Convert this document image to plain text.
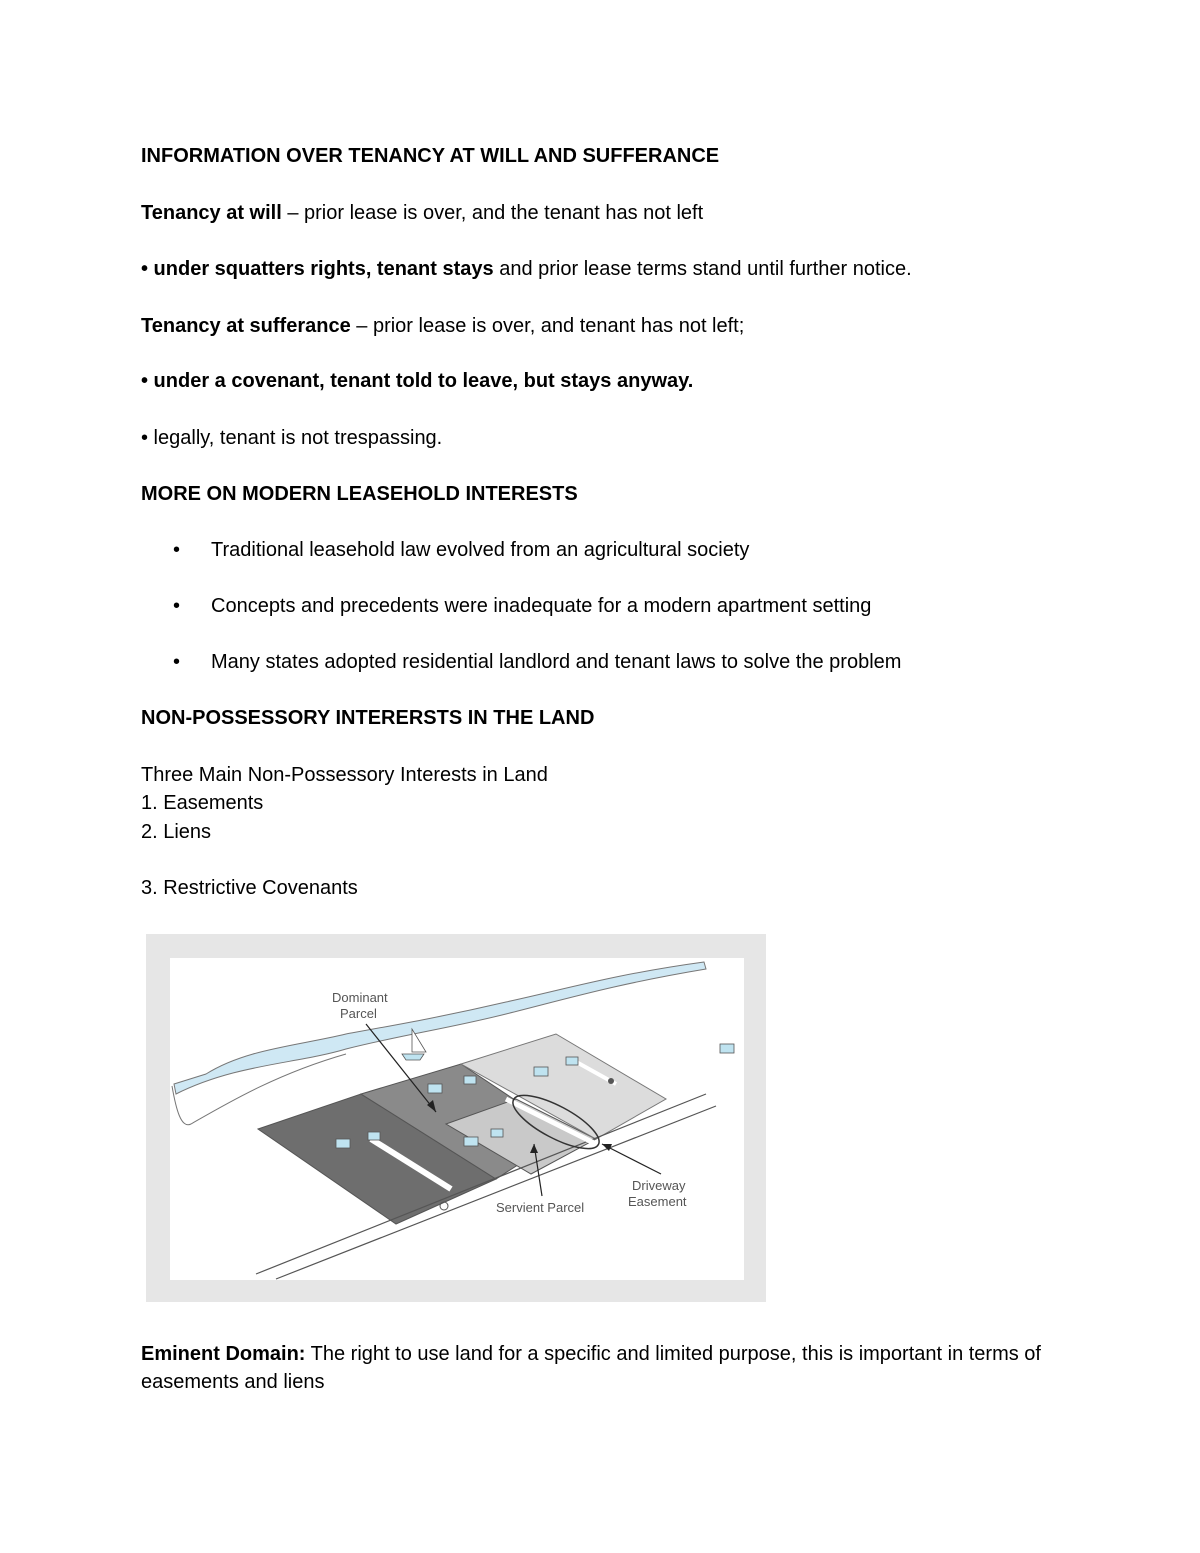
INFORMATION OVER TENANCY AT WILL AND SUFFERANCE
Tenancy at will – prior lease is over, and the tenant has not left
• under squatters rights, tenant stays and prior lease terms stand until further notice.
Tenancy at sufferance – prior lease is over, and tenant has not left;
• under a covenant, tenant told to leave, but stays anyway.
• legally, tenant is not trespassing.
MORE ON MODERN LEASEHOLD INTERESTS
• Traditional leasehold law evolved from an agricultural society
• Concepts and precedents were inadequate for a modern apartment setting
• Many states adopted residential landlord and tenant laws to solve the problem
NON-POSSESSORY INTERERSTS IN THE LAND
Three Main Non-Possessory Interests in Land
1. Easements
2. Liens
3. Restrictive Covenants
Dominant
Parcel
Servient Parcel
Driveway
Easement
Eminent Domain: The right to use land for a specific and limited purpose, this is important in terms of easements and liens
